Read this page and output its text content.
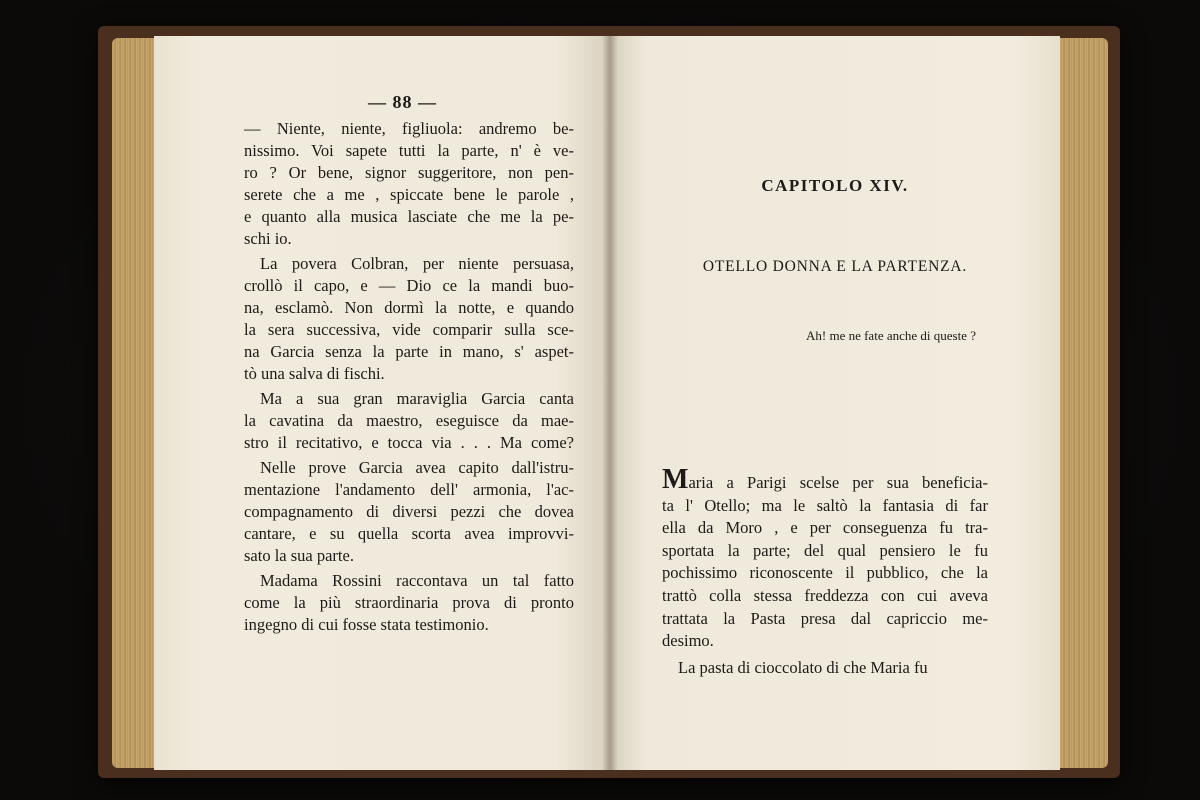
— 88 —
— Niente, niente, figliuola: andremo be-
nissimo. Voi sapete tutti la parte, n' è ve-
ro ? Or bene, signor suggeritore, non pen-
serete che a me , spiccate bene le parole ,
e quanto alla musica lasciate che me la pe-
schi io.
La povera Colbran, per niente persuasa,
crollò il capo, e — Dio ce la mandi buo-
na, esclamò. Non dormì la notte, e quando
la sera successiva, vide comparir sulla sce-
na Garcia senza la parte in mano, s' aspet-
tò una salva di fischi.
Ma a sua gran maraviglia Garcia canta
la cavatina da maestro, eseguisce da mae-
stro il recitativo, e tocca via . . . Ma come?
Nelle prove Garcia avea capito dall'istru-
mentazione l'andamento dell' armonia, l'ac-
compagnamento di diversi pezzi che dovea
cantare, e su quella scorta avea improvvi-
sato la sua parte.
Madama Rossini raccontava un tal fatto
come la più straordinaria prova di pronto
ingegno di cui fosse stata testimonio.
CAPITOLO XIV.
OTELLO DONNA E LA PARTENZA.
Ah! me ne fate anche di queste ?
Maria a Parigi scelse per sua beneficia-
ta l' Otello; ma le saltò la fantasia di far
ella da Moro , e per conseguenza fu tra-
sportata la parte; del qual pensiero le fu
pochissimo riconoscente il pubblico, che la
trattò colla stessa freddezza con cui aveva
trattata la Pasta presa dal capriccio me-
desimo.
La pasta di cioccolato di che Maria fu
